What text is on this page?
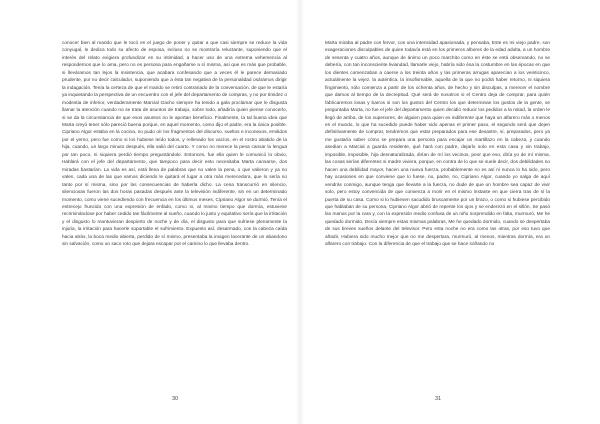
conocer bien al marido que le tocó en el juego de poner y quitar a que casi siempre se reduce la vida conyugal, le dedica todo su afecto de esposa, incluso no se mostraría reluctante, suponiendo que el interés del relato exigiera profundizar en su intimidad, a hacer uso de una extrema vehemencia al respondernos que lo ama, pero no es persona para engañarse a sí misma, así que es más que probable, si lleváramos tan lejos la insistencia, que acabara confesando que a veces él le parece demasiado prudente, por no decir calculador, suponiendo que a ésta tan negativa de la personalidad osáramos dirigir la indagación. Tenía la certeza de que el marido se retiró contrariado de la conversación, de que le estaría ya inquietando la perspectiva de un encuentro con el jefe del departamento de compras, y no por timidez o modestia de inferior, verdaderamente Marcial Gacho siempre ha tenido a gala proclamar que le disgusta llamar la atención cuando no se trata de asuntos de trabajo, sobre todo, añadiría quien piense conocerlo, si se da la circunstancia de que esos asuntos no le aportan beneficio. Finalmente, la tal buena idea que Marta creyó tener sólo pareció buena porque, en aquel momento, como dijo el padre, era la única posible. Cipriano Algor estaba en la cocina, no pudo oír los fragmentos del discurso, sueltos e inconexos, emitidos por el yerno, pero fue como si los hubiese leído todos, y rellenado los vacíos, en el rostro abatido de la hija, cuando, un largo minuto después, ella salió del cuarto. Y como no merece la pena cansar la lengua por tan poco, ni siquiera perdió tiempo preguntándole. Entonces, fue ella quien le comunicó lo obvio, Hablará con el jefe del departamento, que tampoco para decir esto necesitaba Marta cansarse, dos miradas bastarían. La vida es así, está llena de palabras que no valen la pena, o que valieron y ya no valen, cada una de las que vamos diciendo le quitará el lugar a otra más merecedora, que lo sería no tanto por sí misma, sino por las consecuencias de haberla dicho. La cena transcurrió en silencio, silenciosas fueron las dos horas pasadas después ante la televisión indiferente, sin en un determinado momento, como viene sucediendo con frecuencia en los últimos meses, Cipriano Algor se durmió. Tenía el entrecejo fruncido con una expresión de enfado, como si, al mismo tiempo que dormía, estuviese recriminándose por haber cedido tan fácilmente al sueño, cuando lo justo y equitativo sería que la irritación y el disgusto lo mantuvieran despierto de noche y de día, el disgusto para que sufriese plenamente la injuria, la irritación para hacerle soportable el sufrimiento. Expuesto así, desarmado, con la cabeza caída hacia atrás, la boca medio abierta, perdido de sí mismo, presentaba la imagen lacerante de un abandono sin salvación, como un saco roto que dejara escapar por el camino lo que llevaba dentro.
30
Marta miraba al padre con fervor, con una intensidad apasionada, y pensaba, Este es mi viejo padre, son exageraciones disculpables de quien todavía está en los primeros albores de la edad adulta, a un hombre de sesenta y cuatro años, aunque de ánimo un poco marchito como en éste se está observando, no se debería, con tan inconsciente liviandad, llamarle viejo, habría sido ésa la costumbre en las épocas en que los dientes comenzaban a caerse a los treinta años y las primeras arrugas aparecían a los veinticinco, actualmente la vejez, la auténtica, la insofismable, aquella de la que no podrá haber retorno, ni siquiera fingimiento, sólo comienza a partir de los ochenta años, de hecho y sin disculpas, a merecer el nombre que damos al tiempo de la decrepitud. Qué será de nosotros si el Centro deja de comprar, para quién fabricaremos losas y barros si son los gustos del Centro los que determinan los gustos de la gente, se preguntaba Marta, no fue el jefe del departamento quien decidió reducir los pedidos a la mitad, la orden le llegó de arriba, de los superiores, de alguien para quien es indiferente que haya un alfarero más o menos en el mundo, lo que ha sucedido puede haber sido apenas el primer paso, el segundo será que dejen definitivamente de comprar, tendremos que estar preparados para ese desastre, sí, preparados, pero ya me gustaría saber cómo se prepara una persona para encajar un martillazo en la cabeza, y cuando asedian a Marcial a guarda residente, qué hará con padre, dejarlo solo en esta casa y sin trabajo, imposible, imposible, hija desnaturalizada, dirían de mí los vecinos, peor que eso, diría yo de mí misma, las cosas serían diferentes si madre viviera, porque, en contra de lo que se suele decir, dos debilidades no hacen una debilidad mayor, hacen una nueva fuerza, probablemente no es así ni nunca lo ha sido, pero hay ocasiones en que conviene que lo fuese, no, padre, no, Cipriano Algor, cuando yo salga de aquí vendrás conmigo, aunque tenga que llevarte a la fuerza, no dude de que un hombre sea capaz de vivir solo, pero estoy convencida de que comienza a morir en el mismo instante en que cierra tras de sí la puerta de su casa. Como si lo hubiesen sacudido bruscamente por un brazo, o como si hubiese percibido que hablaban de su persona, Cipriano Algor abrió de repente los ojos y se enderezó en el sillón. Se pasó las manos por la cara y, con la expresión medio confusa de un niño sorprendido en falta, murmuró, Me he quedado dormido. Decía siempre estas mismas palabras, Me he quedado dormido, cuando se despertaba de sus breves sueños delante del televisor. Pero esta noche no era como las otras, por eso tuvo que añadir, Hubiera sido mucho mejor que no me despertara, murmuró, al menos, mientras dormía, era un alfarero con trabajo. Con la diferencia de que el trabajo que se hace soñando no
31
